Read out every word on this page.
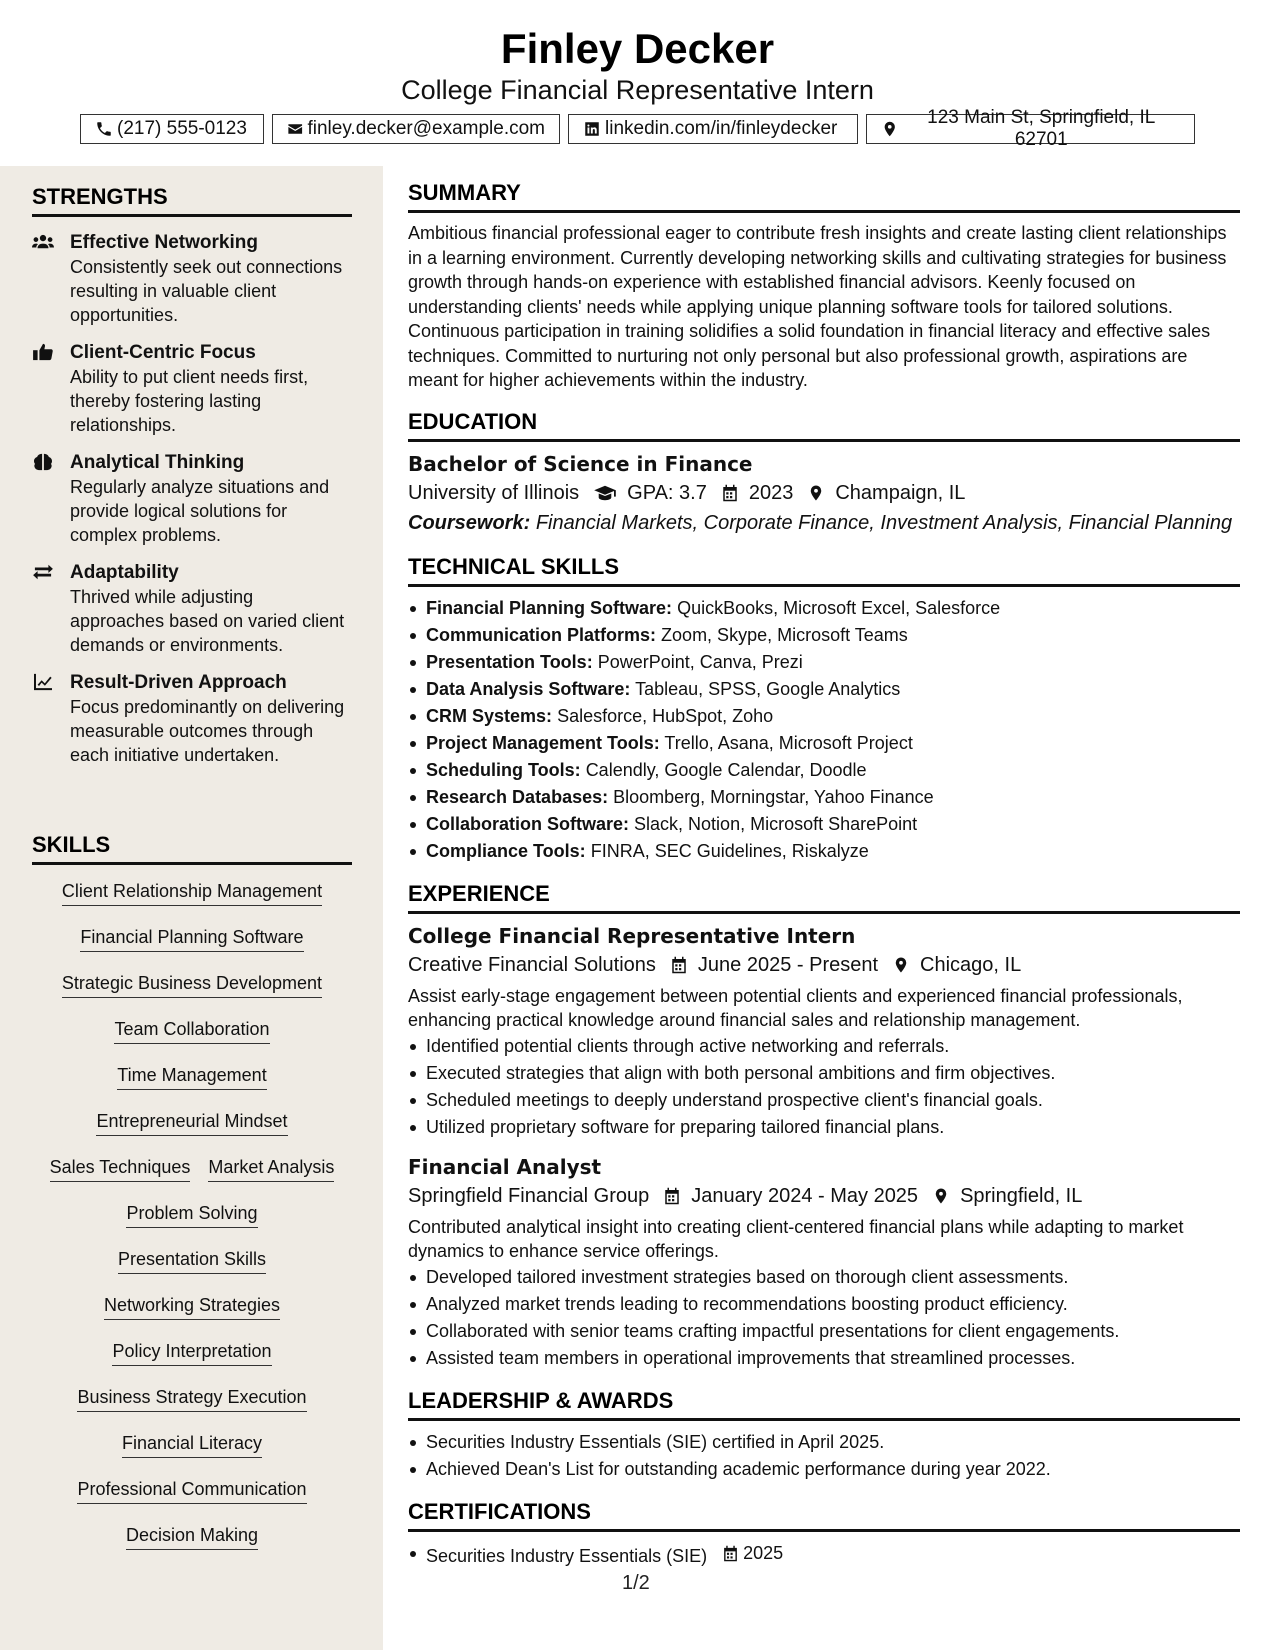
Finley Decker
College Financial Representative Intern
(217) 555-0123	finley.decker@example.com	linkedin.com/in/finleydecker
123 Main St, Springfield, IL 62701
STRENGTHS
Effective Networking
Consistently seek out connections resulting in valuable client opportunities.
Client-Centric Focus
Ability to put client needs first, thereby fostering lasting relationships.
Analytical Thinking
Regularly analyze situations and provide logical solutions for complex problems.
Adaptability
Thrived while adjusting approaches based on varied client demands or environments.
Result-Driven Approach
Focus predominantly on delivering measurable outcomes through each initiative undertaken.
SKILLS
Client Relationship Management
Financial Planning Software
Strategic Business Development
Team Collaboration
Time Management
Entrepreneurial Mindset
Sales Techniques Market Analysis
Problem Solving
Presentation Skills
Networking Strategies
Policy Interpretation
Business Strategy Execution
Financial Literacy
Professional Communication
Decision Making
SUMMARY
Ambitious financial professional eager to contribute fresh insights and create lasting client relationships in a learning environment. Currently developing networking skills and cultivating strategies for business growth through hands-on experience with established financial advisors. Keenly focused on understanding clients' needs while applying unique planning software tools for tailored solutions. Continuous participation in training solidifies a solid foundation in financial literacy and effective sales techniques. Committed to nurturing not only personal but also professional growth, aspirations are meant for higher achievements within the industry.
EDUCATION
Bachelor of Science in Finance
University of Illinois GPA: 3.7 2023 Champaign, IL
Coursework: Financial Markets, Corporate Finance, Investment Analysis, Financial Planning
TECHNICAL SKILLS
Financial Planning Software: QuickBooks, Microsoft Excel, Salesforce
Communication Platforms: Zoom, Skype, Microsoft Teams
Presentation Tools: PowerPoint, Canva, Prezi
Data Analysis Software: Tableau, SPSS, Google Analytics
CRM Systems: Salesforce, HubSpot, Zoho
Project Management Tools: Trello, Asana, Microsoft Project
Scheduling Tools: Calendly, Google Calendar, Doodle
Research Databases: Bloomberg, Morningstar, Yahoo Finance
Collaboration Software: Slack, Notion, Microsoft SharePoint
Compliance Tools: FINRA, SEC Guidelines, Riskalyze
EXPERIENCE
College Financial Representative Intern
Creative Financial Solutions June 2025 - Present Chicago, IL
Assist early-stage engagement between potential clients and experienced financial professionals, enhancing practical knowledge around financial sales and relationship management.
Identified potential clients through active networking and referrals.
Executed strategies that align with both personal ambitions and firm objectives.
Scheduled meetings to deeply understand prospective client's financial goals.
Utilized proprietary software for preparing tailored financial plans.
Financial Analyst
Springfield Financial Group January 2024 - May 2025 Springfield, IL
Contributed analytical insight into creating client-centered financial plans while adapting to market dynamics to enhance service offerings.
Developed tailored investment strategies based on thorough client assessments.
Analyzed market trends leading to recommendations boosting product efficiency.
Collaborated with senior teams crafting impactful presentations for client engagements.
Assisted team members in operational improvements that streamlined processes.
LEADERSHIP & AWARDS
Securities Industry Essentials (SIE) certified in April 2025.
Achieved Dean's List for outstanding academic performance during year 2022.
CERTIFICATIONS
Securities Industry Essentials (SIE) 2025
1/2
